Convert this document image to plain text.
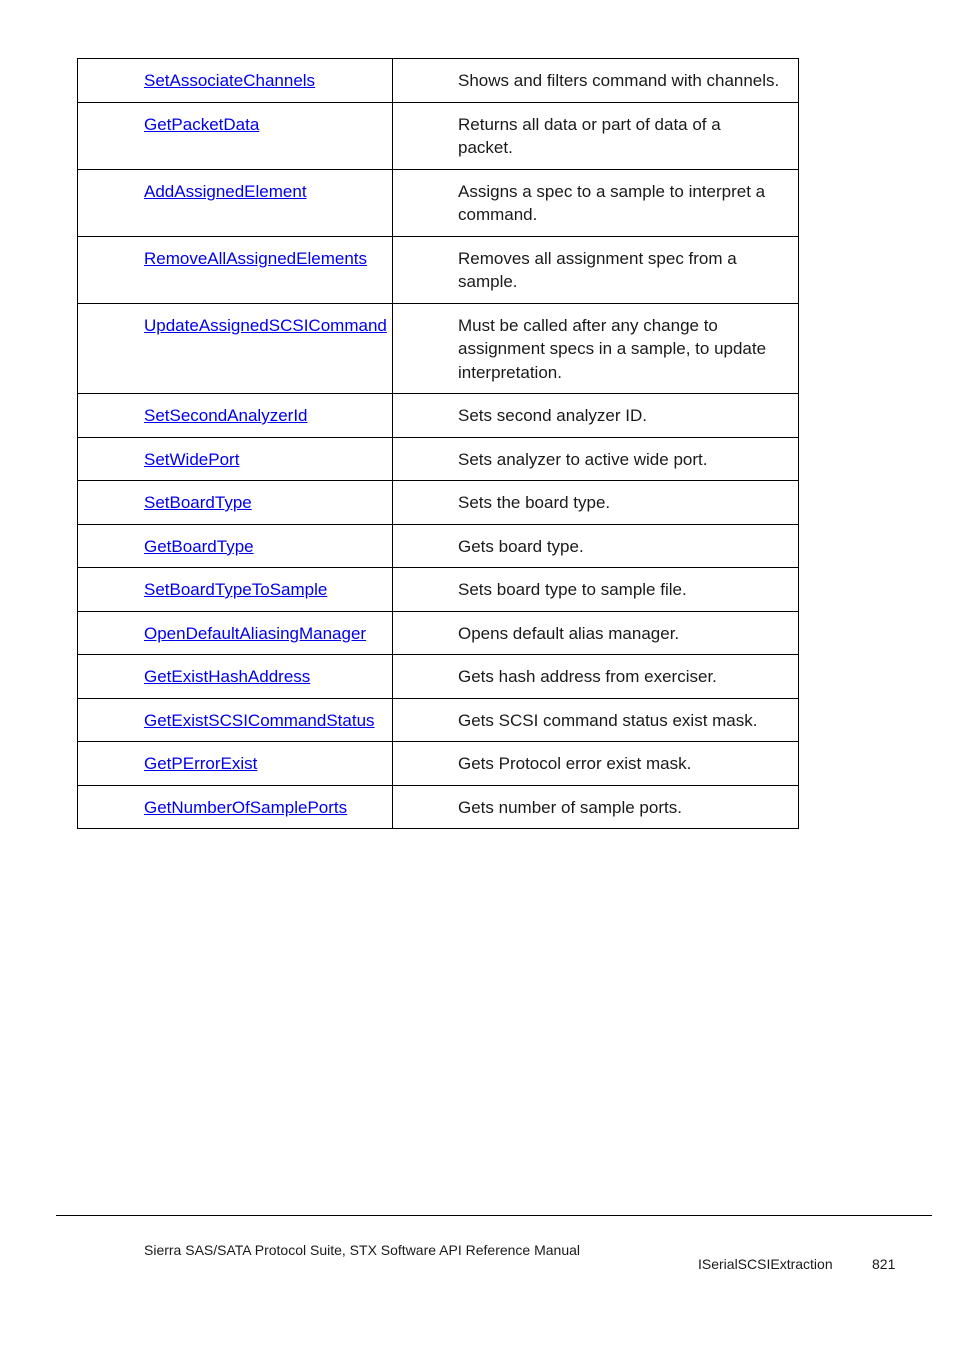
SetAssociateChannels	Shows and filters command with channels.
GetPacketData	Returns all data or part of data of a packet.
AddAssignedElement	Assigns a spec to a sample to interpret a command.
RemoveAllAssignedElements	Removes all assignment spec from a sample.
UpdateAssignedSCSICommand	Must be called after any change to assignment specs in a sample, to update interpretation.
SetSecondAnalyzerId	Sets second analyzer ID.
SetWidePort	Sets analyzer to active wide port.
SetBoardType	Sets the board type.
GetBoardType	Gets board type.
SetBoardTypeToSample	Sets board type to sample file.
OpenDefaultAliasingManager	Opens default alias manager.
GetExistHashAddress	Gets hash address from exerciser.
GetExistSCSICommandStatus	Gets SCSI command status exist mask.
GetPErrorExist	Gets Protocol error exist mask.
GetNumberOfSamplePorts	Gets number of sample ports.
Sierra SAS/SATA Protocol Suite, STX Software API Reference Manual
ISerialSCSIExtraction	821
